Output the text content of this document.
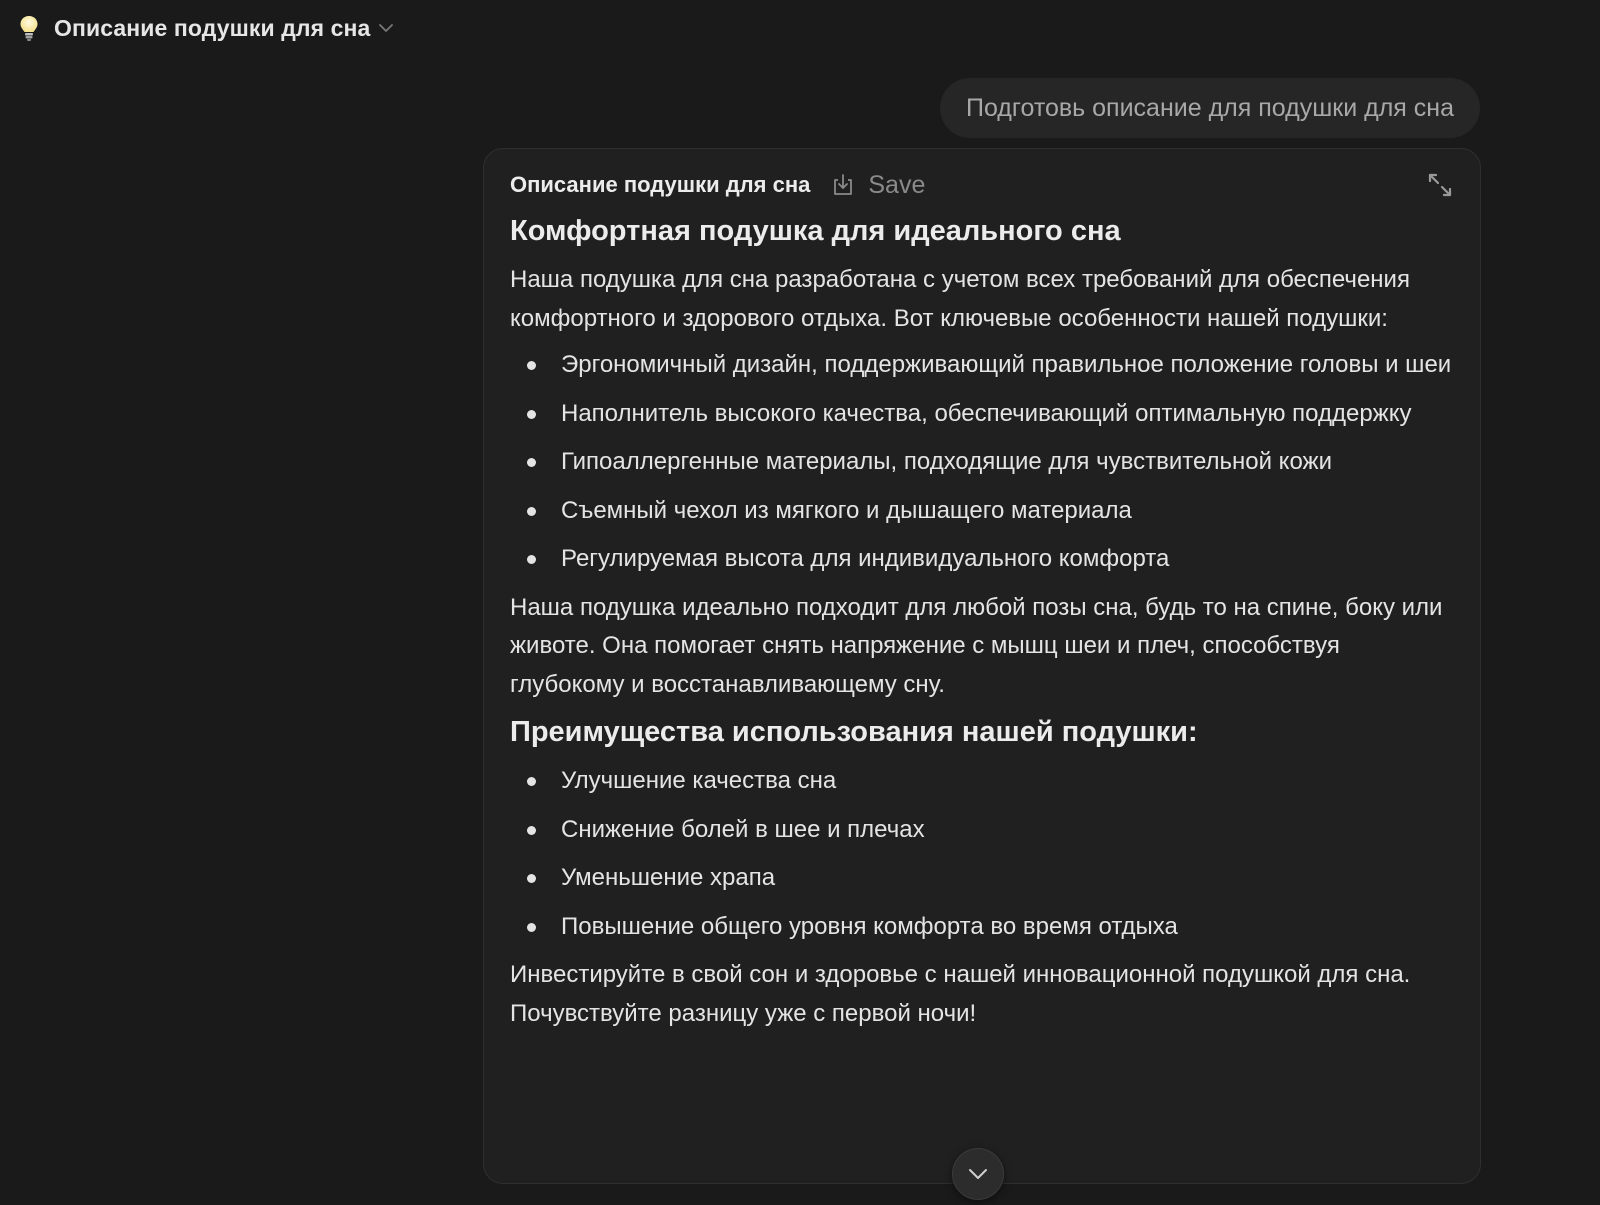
Описание подушки для сна
Подготовь описание для подушки для сна
Описание подушки для сна Save
Комфортная подушка для идеального сна

Наша подушка для сна разработана с учетом всех требований для обеспечения комфортного и здорового отдыха. Вот ключевые особенности нашей подушки:

Эргономичный дизайн, поддерживающий правильное положение головы и шеи
Наполнитель высокого качества, обеспечивающий оптимальную поддержку
Гипоаллергенные материалы, подходящие для чувствительной кожи
Съемный чехол из мягкого и дышащего материала
Регулируемая высота для индивидуального комфорта

Наша подушка идеально подходит для любой позы сна, будь то на спине, боку или животе. Она помогает снять напряжение с мышц шеи и плеч, способствуя глубокому и восстанавливающему сну.

Преимущества использования нашей подушки:
Улучшение качества сна
Снижение болей в шее и плечах
Уменьшение храпа
Повышение общего уровня комфорта во время отдыха

Инвестируйте в свой сон и здоровье с нашей инновационной подушкой для сна. Почувствуйте разницу уже с первой ночи!
